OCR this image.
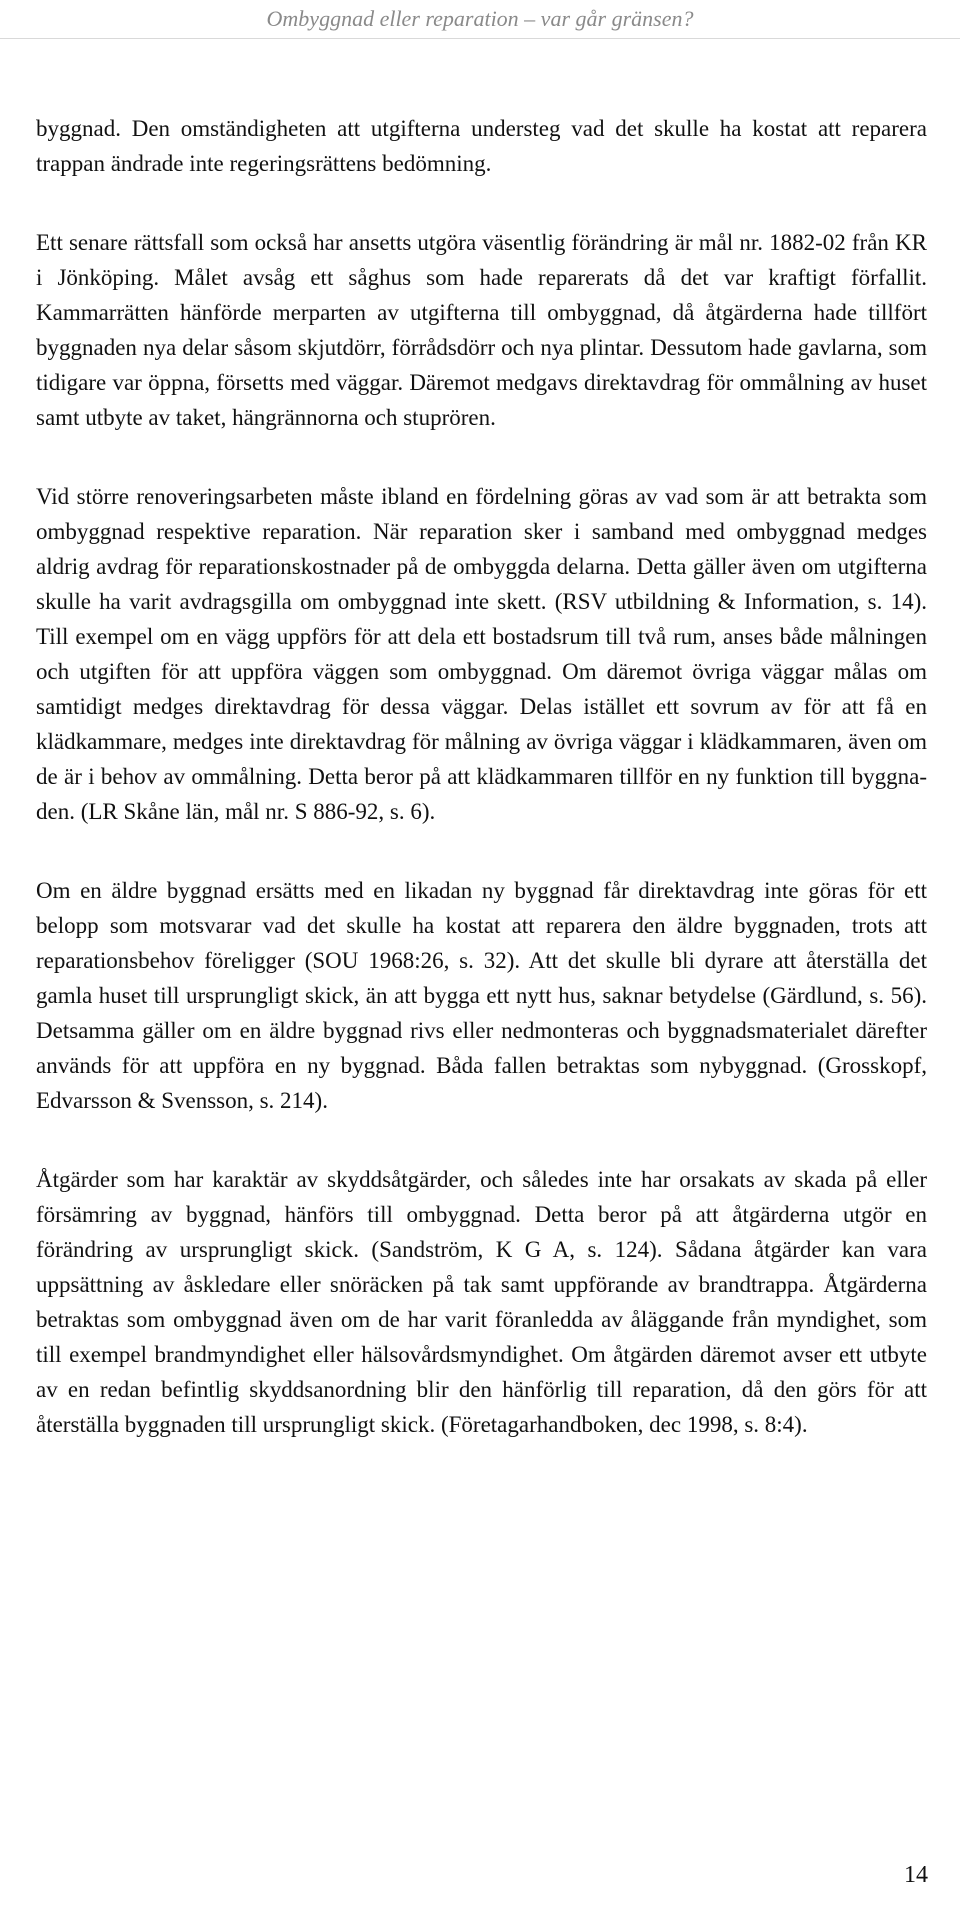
Ombyggnad eller reparation – var går gränsen?

byggnad. Den omständigheten att utgifterna understeg vad det skulle ha kostat att reparera trappan ändrade inte regeringsrättens bedömning.

Ett senare rättsfall som också har ansetts utgöra väsentlig förändring är mål nr. 1882-02 från KR i Jönköping. Målet avsåg ett såghus som hade reparerats då det var kraftigt förfallit. Kammarrätten hänförde merparten av utgifterna till ombyggnad, då åtgärderna hade tillfört byggnaden nya delar såsom skjutdörr, förrådsdörr och nya plintar. Dessutom hade gavlarna, som tidigare var öppna, försetts med väggar. Däremot medgavs direktavdrag för ommålning av huset samt utbyte av taket, hängrännorna och stuprören.

Vid större renoveringsarbeten måste ibland en fördelning göras av vad som är att betrakta som ombyggnad respektive reparation. När reparation sker i samband med ombyggnad medges aldrig avdrag för reparationskostnader på de ombyggda delarna. Detta gäller även om utgifterna skulle ha varit avdragsgilla om ombyggnad inte skett. (RSV utbildning & Information, s. 14). Till exempel om en vägg uppförs för att dela ett bostadsrum till två rum, anses både målningen och utgiften för att uppföra väggen som ombyggnad. Om däremot övriga väggar målas om samtidigt medges direktavdrag för dessa väggar. Delas istället ett sovrum av för att få en klädkammare, medges inte direktavdrag för målning av övriga väggar i klädkammaren, även om de är i behov av ommålning. Detta beror på att klädkammaren tillför en ny funktion till byggnaden. (LR Skåne län, mål nr. S 886-92, s. 6).

Om en äldre byggnad ersätts med en likadan ny byggnad får direktavdrag inte göras för ett belopp som motsvarar vad det skulle ha kostat att reparera den äldre byggnaden, trots att reparationsbehov föreligger (SOU 1968:26, s. 32). Att det skulle bli dyrare att återställa det gamla huset till ursprungligt skick, än att bygga ett nytt hus, saknar betydelse (Gärdlund, s. 56). Detsamma gäller om en äldre byggnad rivs eller nedmonteras och byggnadsmaterialet därefter används för att uppföra en ny byggnad. Båda fallen betraktas som nybyggnad. (Grosskopf, Edvarsson & Svensson, s. 214).

Åtgärder som har karaktär av skyddsåtgärder, och således inte har orsakats av skada på eller försämring av byggnad, hänförs till ombyggnad. Detta beror på att åtgärderna utgör en förändring av ursprungligt skick. (Sandström, K G A, s. 124). Sådana åtgärder kan vara uppsättning av åskledare eller snöräcken på tak samt uppförande av brandtrappa. Åtgärderna betraktas som ombyggnad även om de har varit föranledda av åläggande från myndighet, som till exempel brandmyndighet eller hälsovårdsmyndighet. Om åtgärden däremot avser ett utbyte av en redan befintlig skyddsanordning blir den hänförlig till reparation, då den görs för att återställa byggnaden till ursprungligt skick. (Företagarhandboken, dec 1998, s. 8:4).

14
